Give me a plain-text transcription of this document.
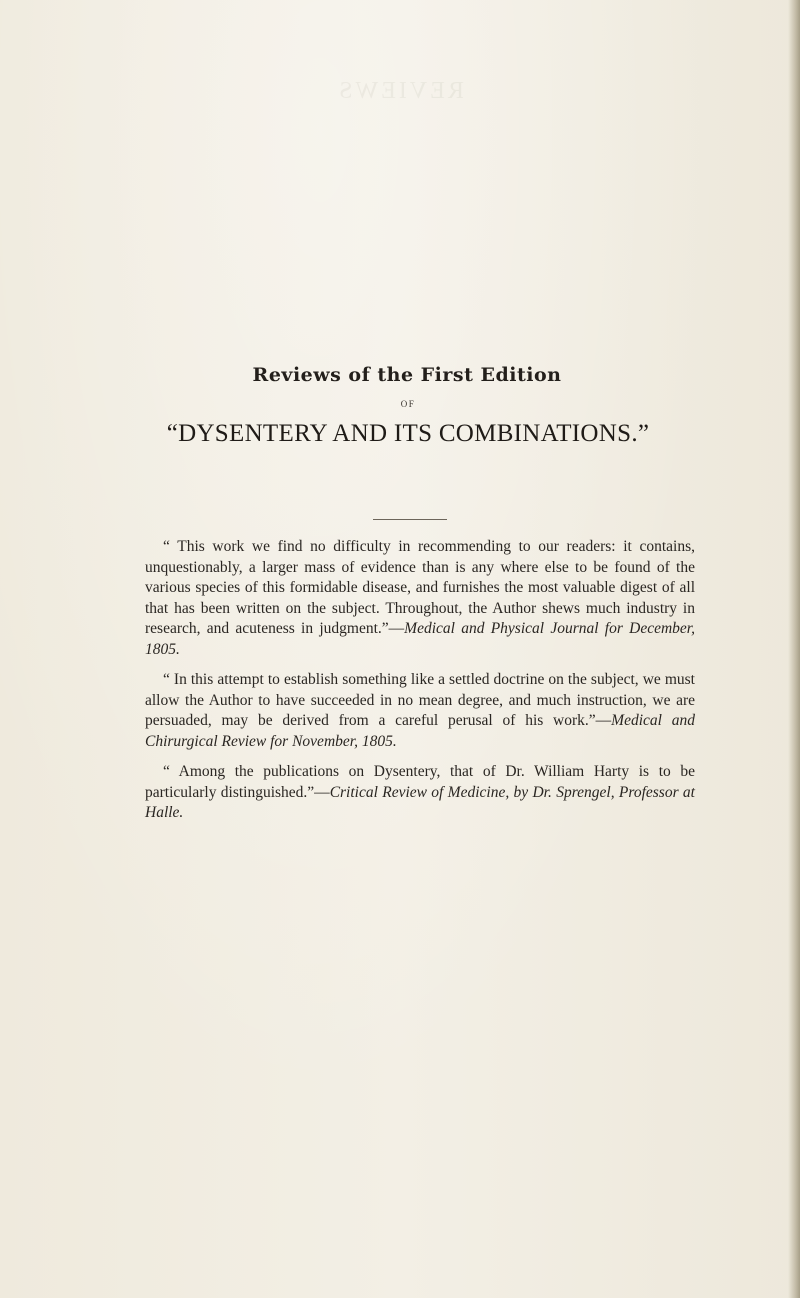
REVIEWS
Reviews of the First Edition
OF
“DYSENTERY AND ITS COMBINATIONS.”

“ This work we find no difficulty in recommending to our readers: it contains, unquestionably, a larger mass of evidence than is any where else to be found of the various species of this formidable disease, and furnishes the most valuable digest of all that has been written on the subject. Throughout, the Author shews much industry in research, and acuteness in judgment.”—Medical and Physical Journal for December, 1805.

“ In this attempt to establish something like a settled doctrine on the subject, we must allow the Author to have succeeded in no mean degree, and much instruction, we are persuaded, may be derived from a careful perusal of his work.”—Medical and Chirurgical Review for November, 1805.

“ Among the publications on Dysentery, that of Dr. William Harty is to be particularly distinguished.”—Critical Review of Medicine, by Dr. Sprengel, Professor at Halle.
